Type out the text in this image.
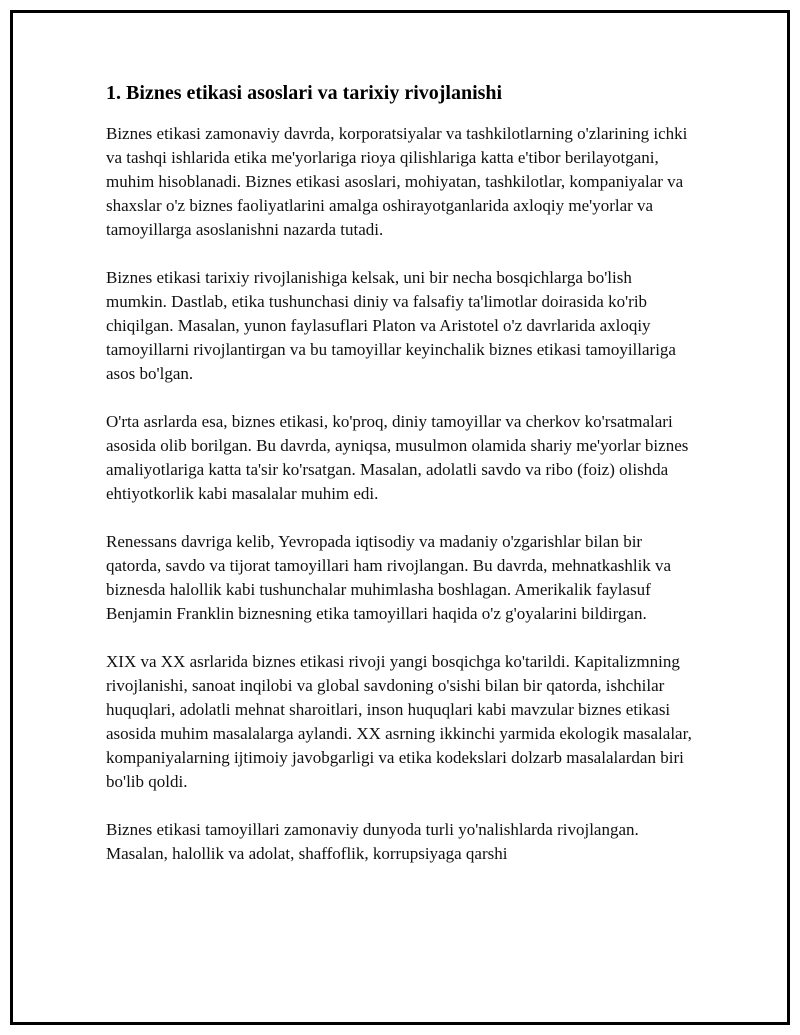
1. Biznes etikasi asoslari va tarixiy rivojlanishi

Biznes etikasi zamonaviy davrda, korporatsiyalar va tashkilotlarning o'zlarining ichki va tashqi ishlarida etika me'yorlariga rioya qilishlariga katta e'tibor berilayotgani, muhim hisoblanadi. Biznes etikasi asoslari, mohiyatan, tashkilotlar, kompaniyalar va shaxslar o'z biznes faoliyatlarini amalga oshirayotganlarida axloqiy me'yorlar va tamoyillarga asoslanishni nazarda tutadi.

Biznes etikasi tarixiy rivojlanishiga kelsak, uni bir necha bosqichlarga bo'lish mumkin. Dastlab, etika tushunchasi diniy va falsafiy ta'limotlar doirasida ko'rib chiqilgan. Masalan, yunon faylasuflari Platon va Aristotel o'z davrlarida axloqiy tamoyillarni rivojlantirgan va bu tamoyillar keyinchalik biznes etikasi tamoyillariga asos bo'lgan.

O'rta asrlarda esa, biznes etikasi, ko'proq, diniy tamoyillar va cherkov ko'rsatmalari asosida olib borilgan. Bu davrda, ayniqsa, musulmon olamida shariy me'yorlar biznes amaliyotlariga katta ta'sir ko'rsatgan. Masalan, adolatli savdo va ribo (foiz) olishda ehtiyotkorlik kabi masalalar muhim edi.

Renessans davriga kelib, Yevropada iqtisodiy va madaniy o'zgarishlar bilan bir qatorda, savdo va tijorat tamoyillari ham rivojlangan. Bu davrda, mehnatkashlik va biznesda halollik kabi tushunchalar muhimlasha boshlagan. Amerikalik faylasuf Benjamin Franklin biznesning etika tamoyillari haqida o'z g'oyalarini bildirgan.

XIX va XX asrlarida biznes etikasi rivoji yangi bosqichga ko'tarildi. Kapitalizmning rivojlanishi, sanoat inqilobi va global savdoning o'sishi bilan bir qatorda, ishchilar huquqlari, adolatli mehnat sharoitlari, inson huquqlari kabi mavzular biznes etikasi asosida muhim masalalarga aylandi. XX asrning ikkinchi yarmida ekologik masalalar, kompaniyalarning ijtimoiy javobgarligi va etika kodekslari dolzarb masalalardan biri bo'lib qoldi.

Biznes etikasi tamoyillari zamonaviy dunyoda turli yo'nalishlarda rivojlangan. Masalan, halollik va adolat, shaffoflik, korrupsiyaga qarshi
